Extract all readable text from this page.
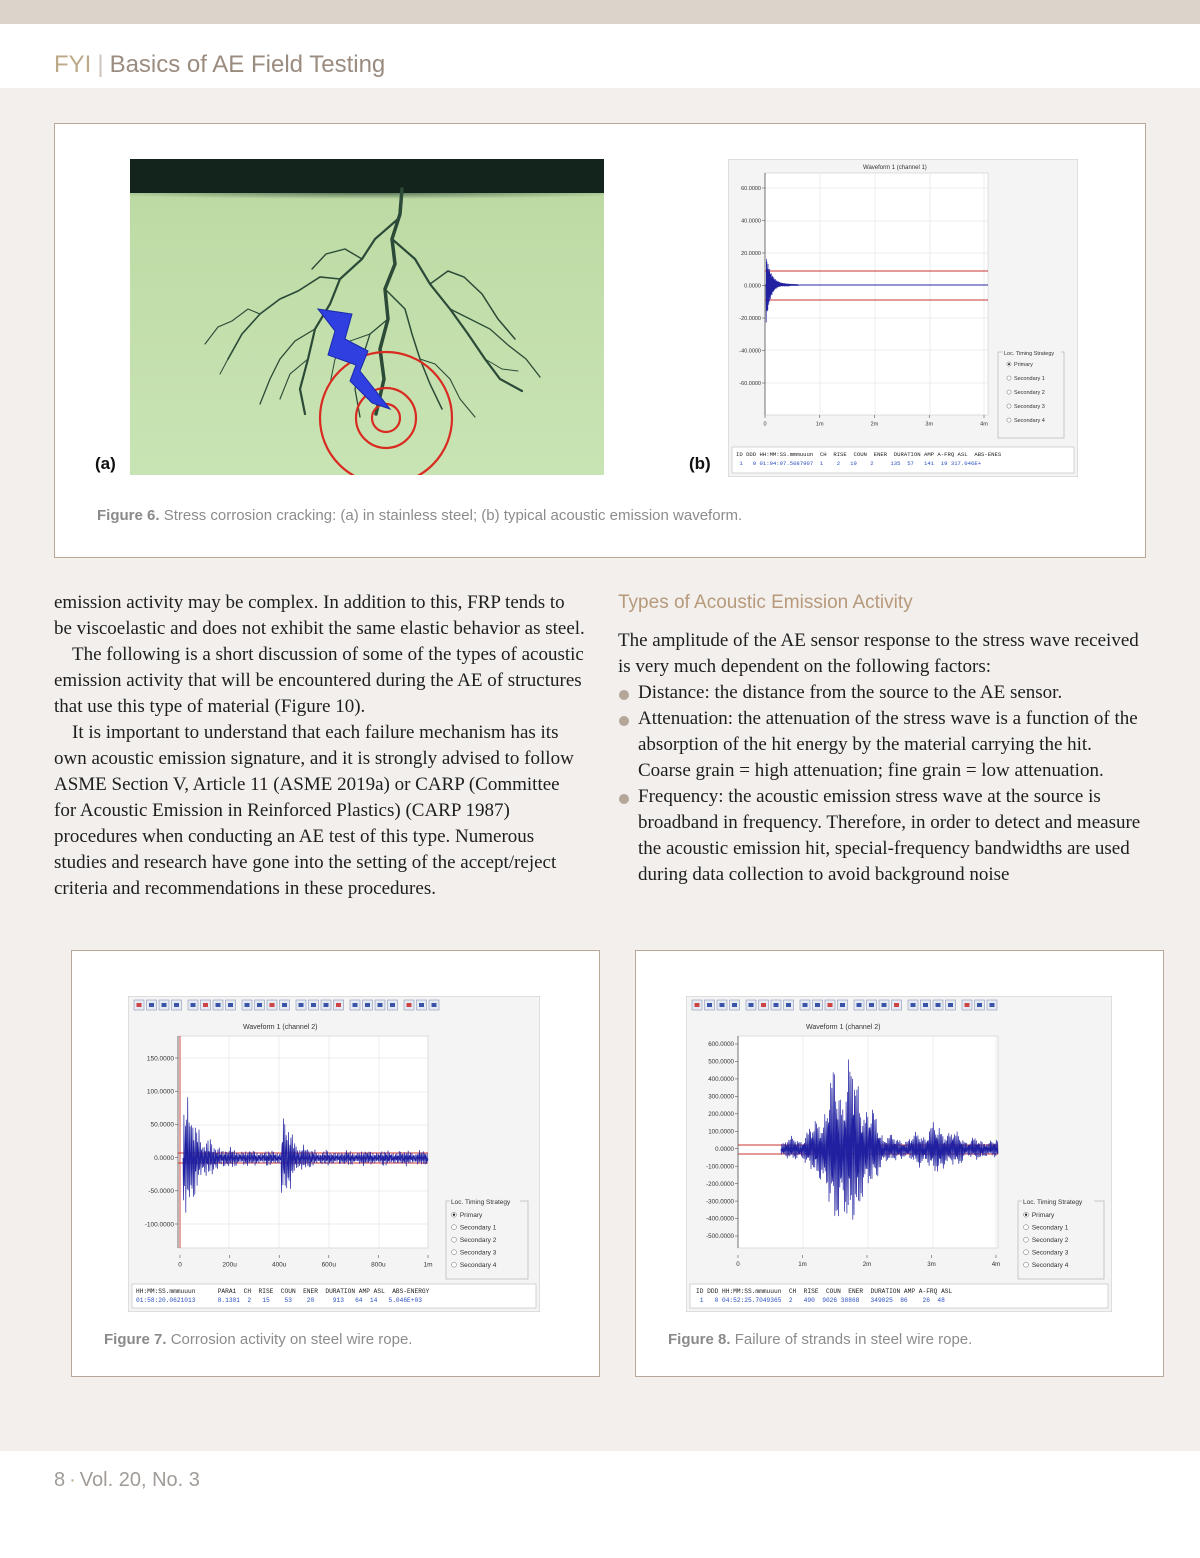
FYI | Basics of AE Field Testing
(a)	(b)
Waveform 1 (channel 1)
60.0000
40.0000
20.0000
0.0000
-20.0000
-40.0000
-60.0000
0	1m	2m	3m	4m
Loc. Timing Strategy
Primary
Secondary 1
Secondary 2
Secondary 3
Secondary 4
ID DDD HH:MM:SS.mmmuuun  CH  RISE  COUN  ENER  DURATION AMP A-FRQ ASL  ABS-ENES
1   0 01:04:07.5087907  1    2   19    2     135  57   141  19 317.046E+
Figure 6. Stress corrosion cracking: (a) in stainless steel; (b) typical acoustic emission waveform.

emission activity may be complex. In addition to this, FRP tends to be viscoelastic and does not exhibit the same elastic behavior as steel.

The following is a short discussion of some of the types of acoustic emission activity that will be encountered during the AE of structures that use this type of material (Figure 10).

It is important to understand that each failure mechanism has its own acoustic emission signature, and it is strongly advised to follow ASME Section V, Article 11 (ASME 2019a) or CARP (Committee for Acoustic Emission in Reinforced Plastics) (CARP 1987) procedures when conducting an AE test of this type. Numerous studies and research have gone into the setting of the accept/reject criteria and recommendations in these procedures.

Types of Acoustic Emission Activity

The amplitude of the AE sensor response to the stress wave received is very much dependent on the following factors:

Distance: the distance from the source to the AE sensor.
Attenuation: the attenuation of the stress wave is a function of the absorption of the hit energy by the material carrying the hit. Coarse grain = high attenuation; fine grain = low attenuation.
Frequency: the acoustic emission stress wave at the source is broadband in frequency. Therefore, in order to detect and measure the acoustic emission hit, special-frequency bandwidths are used during data collection to avoid background noise
Waveform 1 (channel 2)
150.0000
100.0000
50.0000
0.0000
-50.0000
-100.0000
0	200u	400u	600u	800u	1m
Loc. Timing Strategy
Primary
Secondary 1
Secondary 2
Secondary 3
Secondary 4
HH:MM:SS.mmmuuun      PARA1  CH  RISE  COUN  ENER  DURATION AMP ASL  ABS-ENERGY
01:58:20.0621013      8.1301  2   15    53    20     913   64  14   5.046E+03
Figure 7. Corrosion activity on steel wire rope.
Waveform 1 (channel 2)
600.0000
500.0000
400.0000
300.0000
200.0000
100.0000
0.0000
-100.0000
-200.0000
-300.0000
-400.0000
-500.0000
0	1m	2m	3m	4m
Loc. Timing Strategy
Primary
Secondary 1
Secondary 2
Secondary 3
Secondary 4
ID DDD HH:MM:SS.mmmuuun  CH  RISE  COUN  ENER  DURATION AMP A-FRQ ASL
1   0 04:52:25.7049365  2   490  9026 38868   349025  86    26  48
Figure 8. Failure of strands in steel wire rope.
8 · Vol. 20, No. 3
